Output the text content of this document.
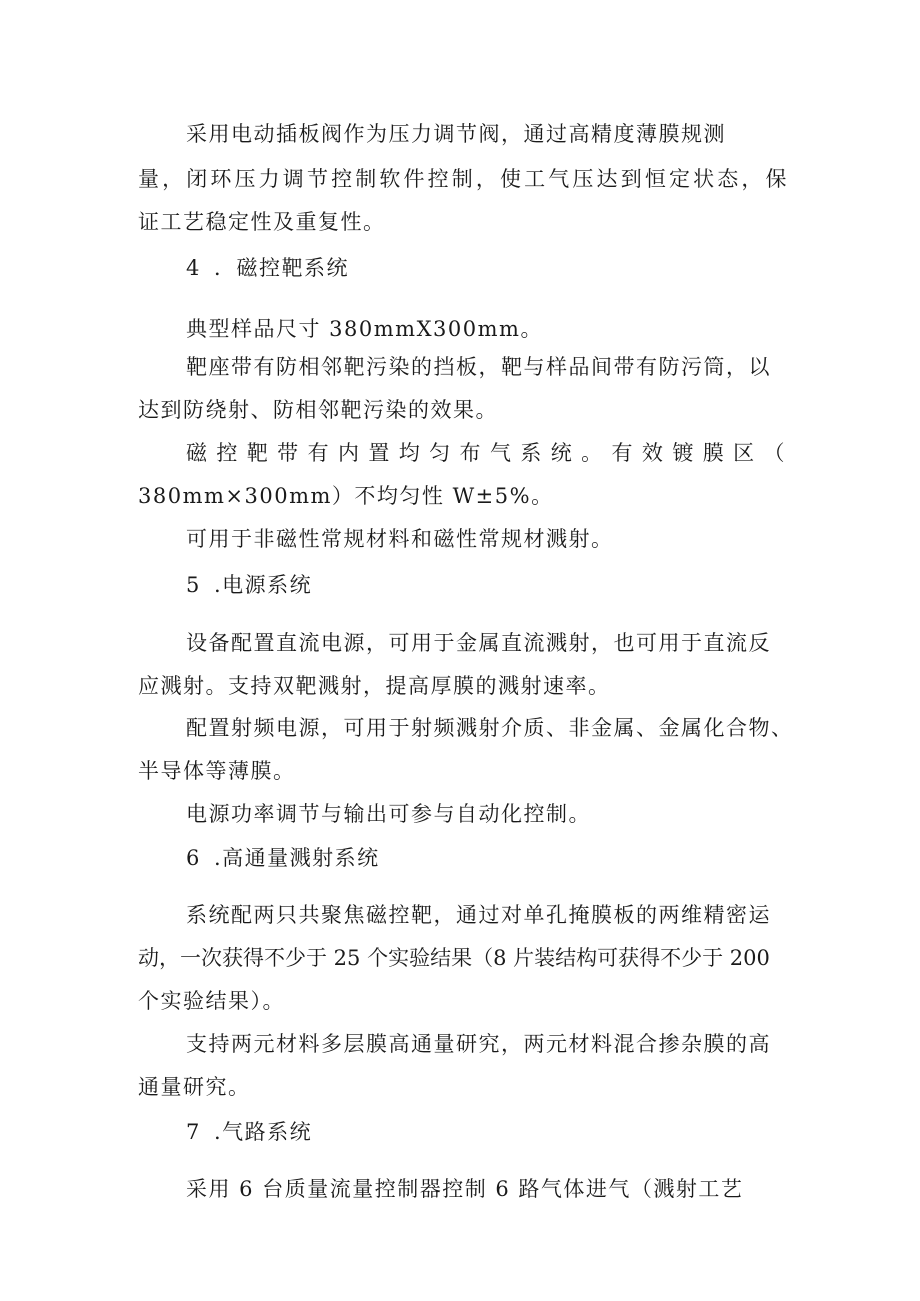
采用电动插板阀作为压力调节阀，通过高精度薄膜规测
量，闭环压力调节控制软件控制，使工气压达到恒定状态，保
证工艺稳定性及重复性。
4 ．磁控靶系统
典型样品尺寸 380mmX300mm。
靶座带有防相邻靶污染的挡板，靶与样品间带有防污筒，以
达到防绕射、防相邻靶污染的效果。
磁控靶带有内置均匀布气系统。有效镀膜区（
380mm×300mm）不均匀性 W±5%。
可用于非磁性常规材料和磁性常规材溅射。
5 .电源系统
设备配置直流电源，可用于金属直流溅射，也可用于直流反
应溅射。支持双靶溅射，提高厚膜的溅射速率。
配置射频电源，可用于射频溅射介质、非金属、金属化合物、
半导体等薄膜。
电源功率调节与输出可参与自动化控制。
6 .高通量溅射系统
系统配两只共聚焦磁控靶，通过对单孔掩膜板的两维精密运
动，一次获得不少于 25 个实验结果（8 片装结构可获得不少于 200
个实验结果）。
支持两元材料多层膜高通量研究，两元材料混合掺杂膜的高
通量研究。
7 .气路系统
采用 6 台质量流量控制器控制 6 路气体进气（溅射工艺
